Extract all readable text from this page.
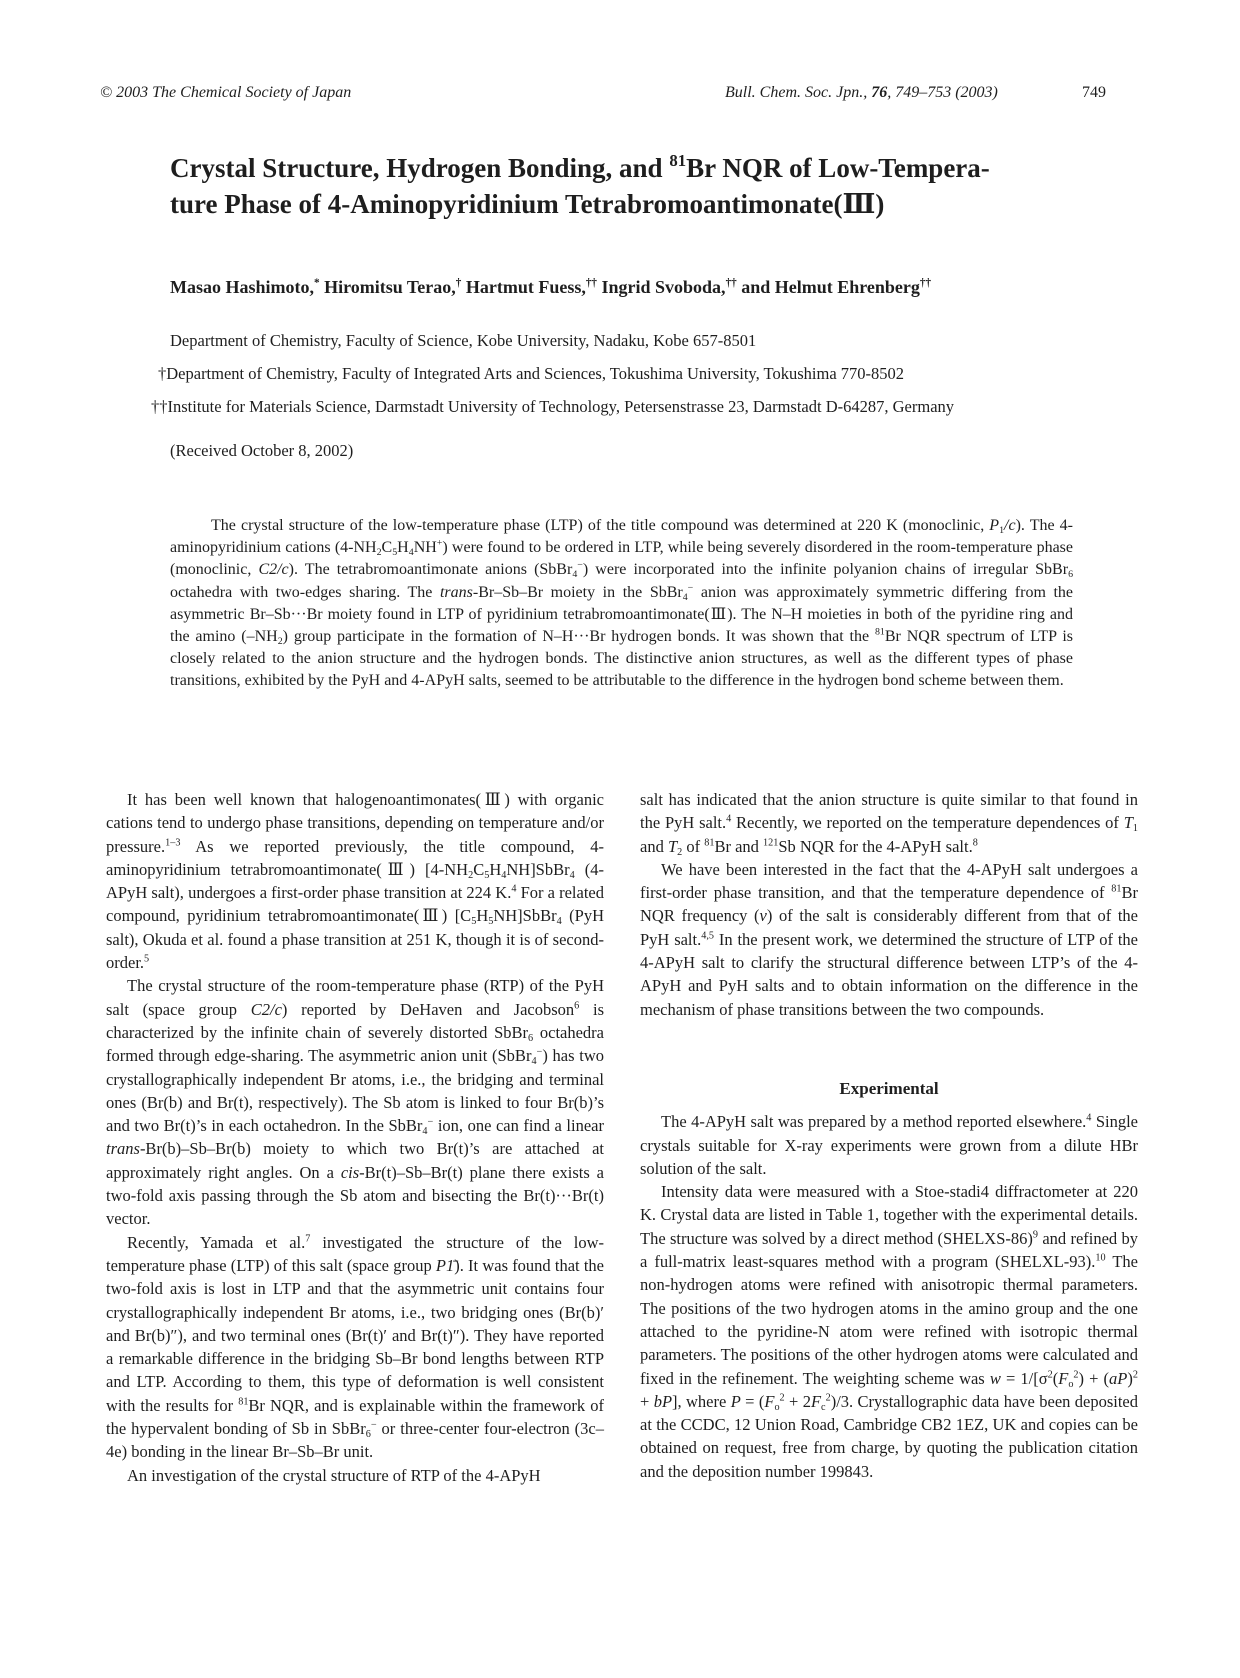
© 2003 The Chemical Society of Japan	Bull. Chem. Soc. Jpn., 76, 749–753 (2003)	749
Crystal Structure, Hydrogen Bonding, and $^{81}$Br NQR of Low-Tempera-
ture Phase of 4-Aminopyridinium Tetrabromoantimonate(Ⅲ)
Masao Hashimoto,* Hiromitsu Terao,† Hartmut Fuess,†† Ingrid Svoboda,†† and Helmut Ehrenberg††
Department of Chemistry, Faculty of Science, Kobe University, Nadaku, Kobe 657-8501
†Department of Chemistry, Faculty of Integrated Arts and Sciences, Tokushima University, Tokushima 770-8502
††Institute for Materials Science, Darmstadt University of Technology, Petersenstrasse 23, Darmstadt D-64287, Germany
(Received October 8, 2002)
The crystal structure of the low-temperature phase (LTP) of the title compound was determined at 220 K (monoclinic, $P_1/c$). The 4-aminopyridinium cations $(4-NH_2C_5H_4NH^+)$ were found to be ordered in LTP, while being severely disordered in the room-temperature phase (monoclinic, C2/c). The tetrabromoantimonate anions (SbBr$_4$−) were incorporated into the infinite polyanion chains of irregular SbBr$_6$ octahedra with two-edges sharing. The trans-Br–Sb–Br moiety in the SbBr$_4$− anion was approximately symmetric differing from the asymmetric Br–Sb···Br moiety found in LTP of pyridinium tetrabromoantimonate(Ⅲ). The N–H moieties in both of the pyridine ring and the amino $(-NH_2)$ group participate in the formation of N–H···Br hydrogen bonds. It was shown that the $^{81}$Br NQR spectrum of LTP is closely related to the anion structure and the hydrogen bonds. The distinctive anion structures, as well as the different types of phase transitions, exhibited by the PyH and 4-APyH salts, seemed to be attributable to the difference in the hydrogen bond scheme between them.

It has been well known that halogenoantimonates(Ⅲ) with organic cations tend to undergo phase transitions, depending on temperature and/or pressure.$^{1-3}$ As we reported previously, the title compound, 4-aminopyridinium tetrabromoantimonate(Ⅲ) $[4-NH_2C_5H_4NH]SbBr_4$ (4-APyH salt), undergoes a first-order phase transition at 224 K.$^4$ For a related compound, pyridinium tetrabromoantimonate(Ⅲ) $[C_5H_5NH]SbBr_4$ (PyH salt), Okuda et al. found a phase transition at 251 K, though it is of second-order.$^5$

The crystal structure of the room-temperature phase (RTP) of the PyH salt (space group C2/c) reported by DeHaven and Jacobson$^6$ is characterized by the infinite chain of severely distorted SbBr$_6$ octahedra formed through edge-sharing. The asymmetric anion unit (SbBr$_4$−) has two crystallographically independent Br atoms, i.e., the bridging and terminal ones (Br(b) and Br(t), respectively). The Sb atom is linked to four Br(b)’s and two Br(t)’s in each octahedron. In the SbBr$_4$− ion, one can find a linear trans-Br(b)–Sb–Br(b) moiety to which two Br(t)’s are attached at approximately right angles. On a cis-Br(t)–Sb–Br(t) plane there exists a two-fold axis passing through the Sb atom and bisecting the Br(t)···Br(t) vector.

Recently, Yamada et al.$^7$ investigated the structure of the low-temperature phase (LTP) of this salt (space group P1̄). It was found that the two-fold axis is lost in LTP and that the asymmetric unit contains four crystallographically independent Br atoms, i.e., two bridging ones (Br(b)′ and Br(b)″), and two terminal ones (Br(t)′ and Br(t)″). They have reported a remarkable difference in the bridging Sb–Br bond lengths between RTP and LTP. According to them, this type of deformation is well consistent with the results for $^{81}$Br NQR, and is explainable within the framework of the hypervalent bonding of Sb in SbBr$_6$− or three-center four-electron (3c–4e) bonding in the linear Br–Sb–Br unit.

An investigation of the crystal structure of RTP of the 4-APyH

salt has indicated that the anion structure is quite similar to that found in the PyH salt.$^4$ Recently, we reported on the temperature dependences of $T_1$ and $T_2$ of $^{81}$Br and $^{121}$Sb NQR for the 4-APyH salt.$^8$

We have been interested in the fact that the 4-APyH salt undergoes a first-order phase transition, and that the temperature dependence of $^{81}$Br NQR frequency (ν) of the salt is considerably different from that of the PyH salt.$^{4,5}$ In the present work, we determined the structure of LTP of the 4-APyH salt to clarify the structural difference between LTP’s of the 4-APyH and PyH salts and to obtain information on the difference in the mechanism of phase transitions between the two compounds.

Experimental

The 4-APyH salt was prepared by a method reported elsewhere.$^4$ Single crystals suitable for X-ray experiments were grown from a dilute HBr solution of the salt.

Intensity data were measured with a Stoe-stadi4 diffractometer at 220 K. Crystal data are listed in Table 1, together with the experimental details. The structure was solved by a direct method (SHELXS-86)$^9$ and refined by a full-matrix least-squares method with a program (SHELXL-93).$^{10}$ The non-hydrogen atoms were refined with anisotropic thermal parameters. The positions of the two hydrogen atoms in the amino group and the one attached to the pyridine-N atom were refined with isotropic thermal parameters. The positions of the other hydrogen atoms were calculated and fixed in the refinement. The weighting scheme was $w = 1/[\sigma^2(F_o^2) + (aP)^2 + bP]$, where $P = (F_o^2 + 2F_c^2)/3$. Crystallographic data have been deposited at the CCDC, 12 Union Road, Cambridge CB2 1EZ, UK and copies can be obtained on request, free from charge, by quoting the publication citation and the deposition number 199843.
